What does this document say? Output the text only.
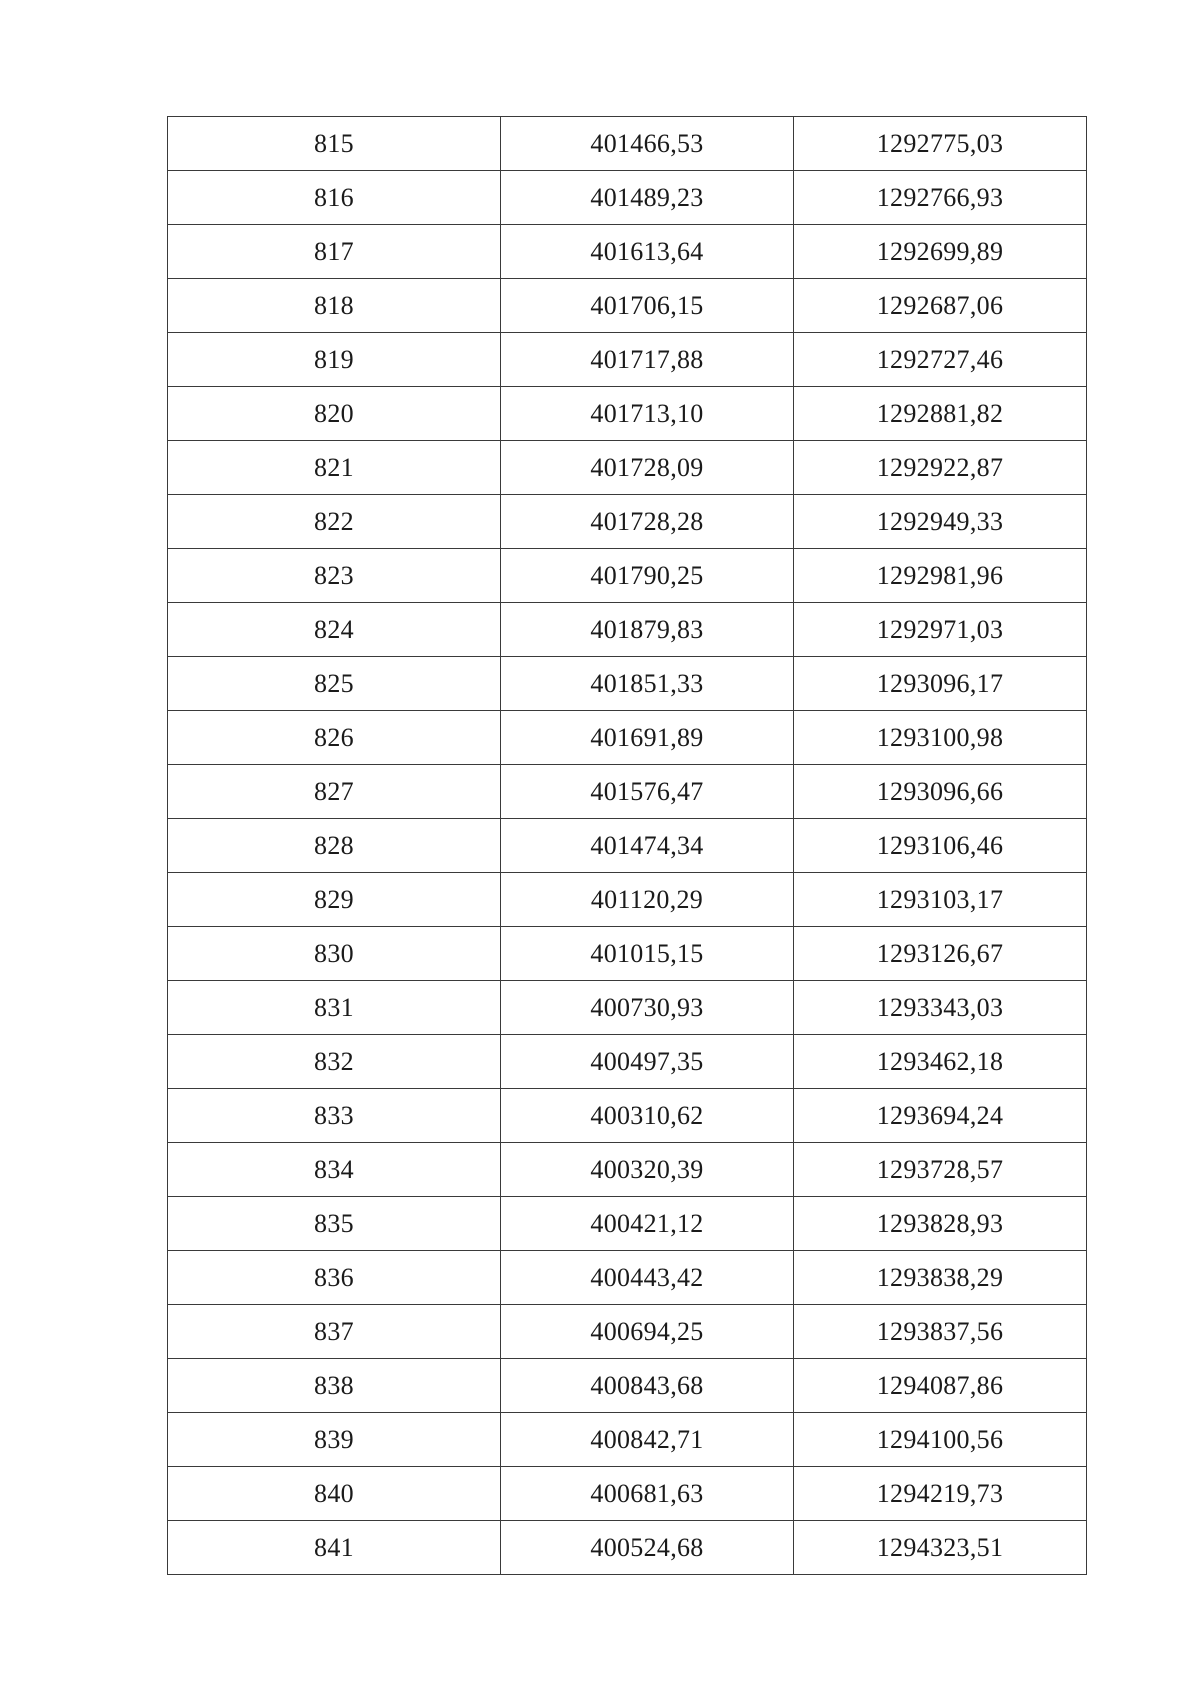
815	401466,53	1292775,03
816	401489,23	1292766,93
817	401613,64	1292699,89
818	401706,15	1292687,06
819	401717,88	1292727,46
820	401713,10	1292881,82
821	401728,09	1292922,87
822	401728,28	1292949,33
823	401790,25	1292981,96
824	401879,83	1292971,03
825	401851,33	1293096,17
826	401691,89	1293100,98
827	401576,47	1293096,66
828	401474,34	1293106,46
829	401120,29	1293103,17
830	401015,15	1293126,67
831	400730,93	1293343,03
832	400497,35	1293462,18
833	400310,62	1293694,24
834	400320,39	1293728,57
835	400421,12	1293828,93
836	400443,42	1293838,29
837	400694,25	1293837,56
838	400843,68	1294087,86
839	400842,71	1294100,56
840	400681,63	1294219,73
841	400524,68	1294323,51
